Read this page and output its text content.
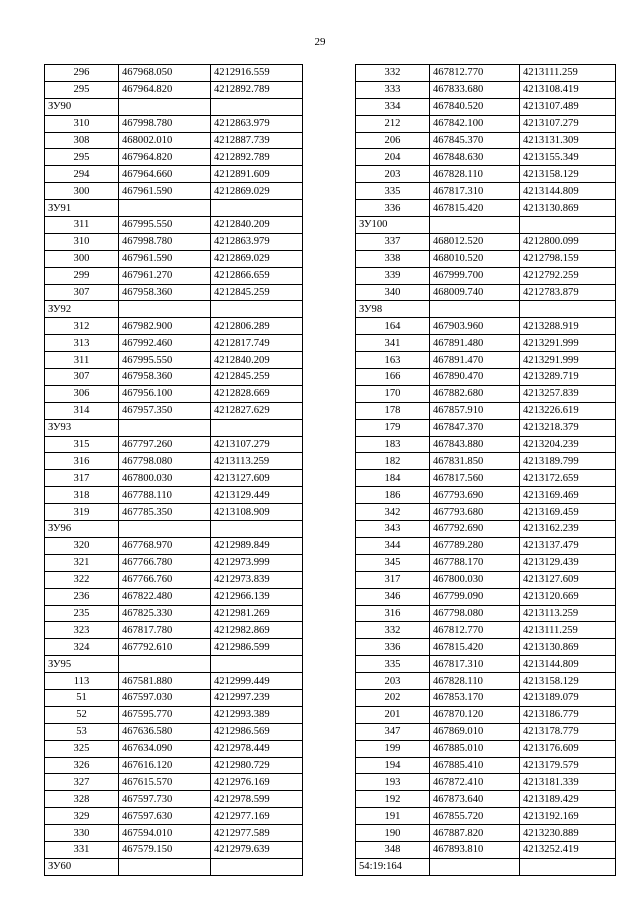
29
296	467968.050	4212916.559
295	467964.820	4212892.789
ЗУ90		
310	467998.780	4212863.979
308	468002.010	4212887.739
295	467964.820	4212892.789
294	467964.660	4212891.609
300	467961.590	4212869.029
ЗУ91		
311	467995.550	4212840.209
310	467998.780	4212863.979
300	467961.590	4212869.029
299	467961.270	4212866.659
307	467958.360	4212845.259
ЗУ92		
312	467982.900	4212806.289
313	467992.460	4212817.749
311	467995.550	4212840.209
307	467958.360	4212845.259
306	467956.100	4212828.669
314	467957.350	4212827.629
ЗУ93		
315	467797.260	4213107.279
316	467798.080	4213113.259
317	467800.030	4213127.609
318	467788.110	4213129.449
319	467785.350	4213108.909
ЗУ96		
320	467768.970	4212989.849
321	467766.780	4212973.999
322	467766.760	4212973.839
236	467822.480	4212966.139
235	467825.330	4212981.269
323	467817.780	4212982.869
324	467792.610	4212986.599
ЗУ95		
113	467581.880	4212999.449
51	467597.030	4212997.239
52	467595.770	4212993.389
53	467636.580	4212986.569
325	467634.090	4212978.449
326	467616.120	4212980.729
327	467615.570	4212976.169
328	467597.730	4212978.599
329	467597.630	4212977.169
330	467594.010	4212977.589
331	467579.150	4212979.639
ЗУ60		
332	467812.770	4213111.259
333	467833.680	4213108.419
334	467840.520	4213107.489
212	467842.100	4213107.279
206	467845.370	4213131.309
204	467848.630	4213155.349
203	467828.110	4213158.129
335	467817.310	4213144.809
336	467815.420	4213130.869
ЗУ100		
337	468012.520	4212800.099
338	468010.520	4212798.159
339	467999.700	4212792.259
340	468009.740	4212783.879
ЗУ98		
164	467903.960	4213288.919
341	467891.480	4213291.999
163	467891.470	4213291.999
166	467890.470	4213289.719
170	467882.680	4213257.839
178	467857.910	4213226.619
179	467847.370	4213218.379
183	467843.880	4213204.239
182	467831.850	4213189.799
184	467817.560	4213172.659
186	467793.690	4213169.469
342	467793.680	4213169.459
343	467792.690	4213162.239
344	467789.280	4213137.479
345	467788.170	4213129.439
317	467800.030	4213127.609
346	467799.090	4213120.669
316	467798.080	4213113.259
332	467812.770	4213111.259
336	467815.420	4213130.869
335	467817.310	4213144.809
203	467828.110	4213158.129
202	467853.170	4213189.079
201	467870.120	4213186.779
347	467869.010	4213178.779
199	467885.010	4213176.609
194	467885.410	4213179.579
193	467872.410	4213181.339
192	467873.640	4213189.429
191	467855.720	4213192.169
190	467887.820	4213230.889
348	467893.810	4213252.419
54:19:164		
